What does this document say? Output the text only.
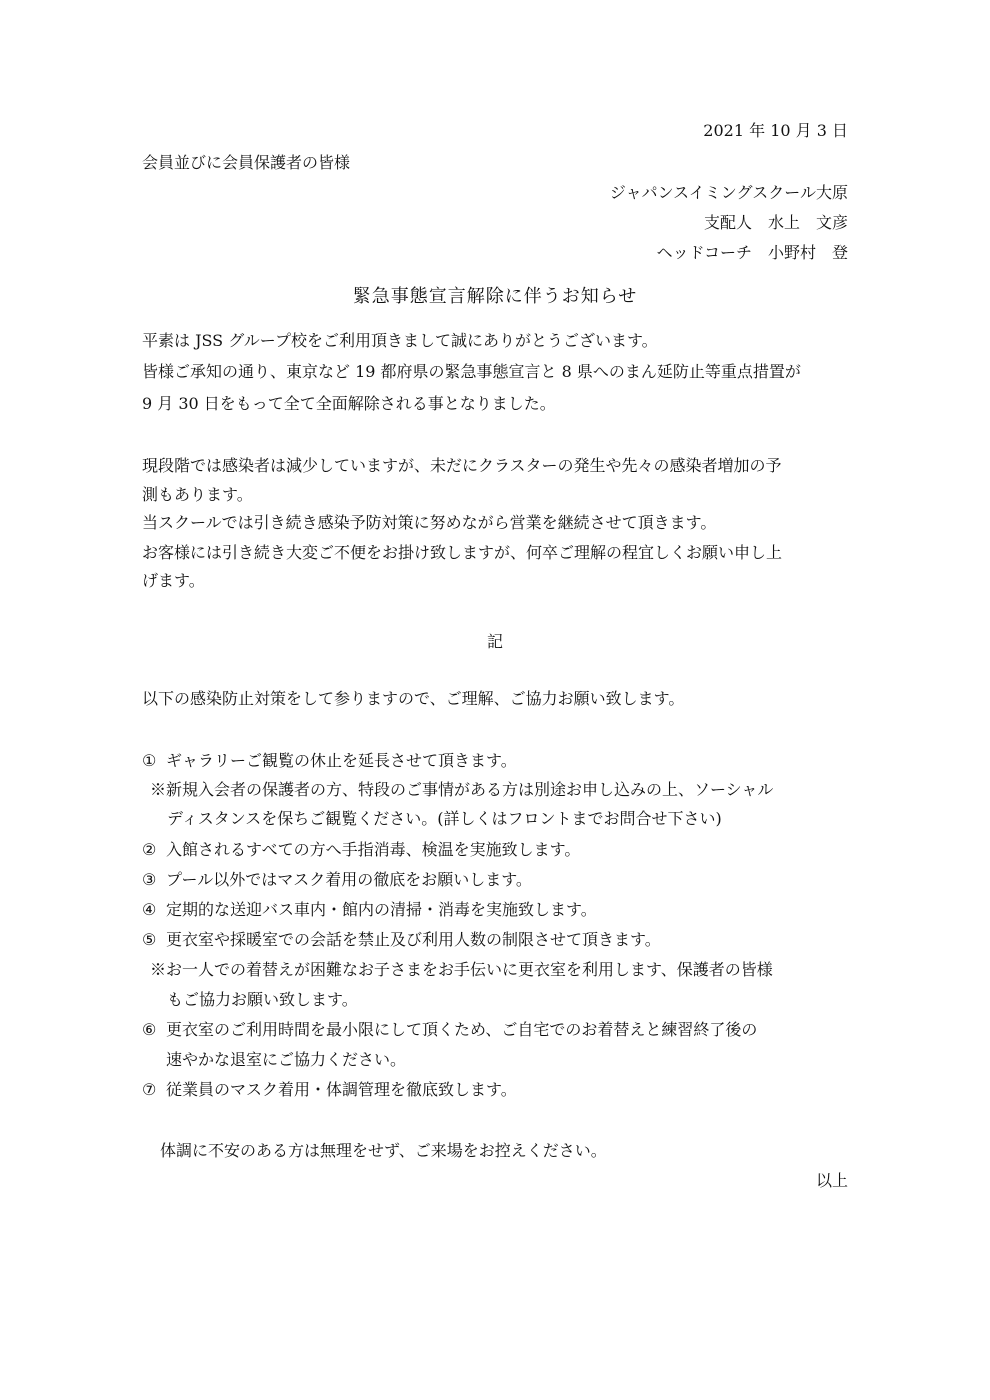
2021 年 10 月 3 日
会員並びに会員保護者の皆様
ジャパンスイミングスクール大原
支配人　水上　文彦
ヘッドコーチ　小野村　登
緊急事態宣言解除に伴うお知らせ
平素は JSS グループ校をご利用頂きまして誠にありがとうございます。
皆様ご承知の通り、東京など 19 都府県の緊急事態宣言と 8 県へのまん延防止等重点措置が
9 月 30 日をもって全て全面解除される事となりました。
現段階では感染者は減少していますが、未だにクラスターの発生や先々の感染者増加の予
測もあります。
当スクールでは引き続き感染予防対策に努めながら営業を継続させて頂きます。
お客様には引き続き大変ご不便をお掛け致しますが、何卒ご理解の程宜しくお願い申し上
げます。
記
以下の感染防止対策をして参りますので、ご理解、ご協力お願い致します。
① ギャラリーご観覧の休止を延長させて頂きます。
※新規入会者の保護者の方、特段のご事情がある方は別途お申し込みの上、ソーシャル
ディスタンスを保ちご観覧ください。(詳しくはフロントまでお問合せ下さい)
② 入館されるすべての方へ手指消毒、検温を実施致します。
③ プール以外ではマスク着用の徹底をお願いします。
④ 定期的な送迎バス車内・館内の清掃・消毒を実施致します。
⑤ 更衣室や採暖室での会話を禁止及び利用人数の制限させて頂きます。
※お一人での着替えが困難なお子さまをお手伝いに更衣室を利用します、保護者の皆様
もご協力お願い致します。
⑥ 更衣室のご利用時間を最小限にして頂くため、ご自宅でのお着替えと練習終了後の
速やかな退室にご協力ください。
⑦ 従業員のマスク着用・体調管理を徹底致します。
体調に不安のある方は無理をせず、ご来場をお控えください。
以上
